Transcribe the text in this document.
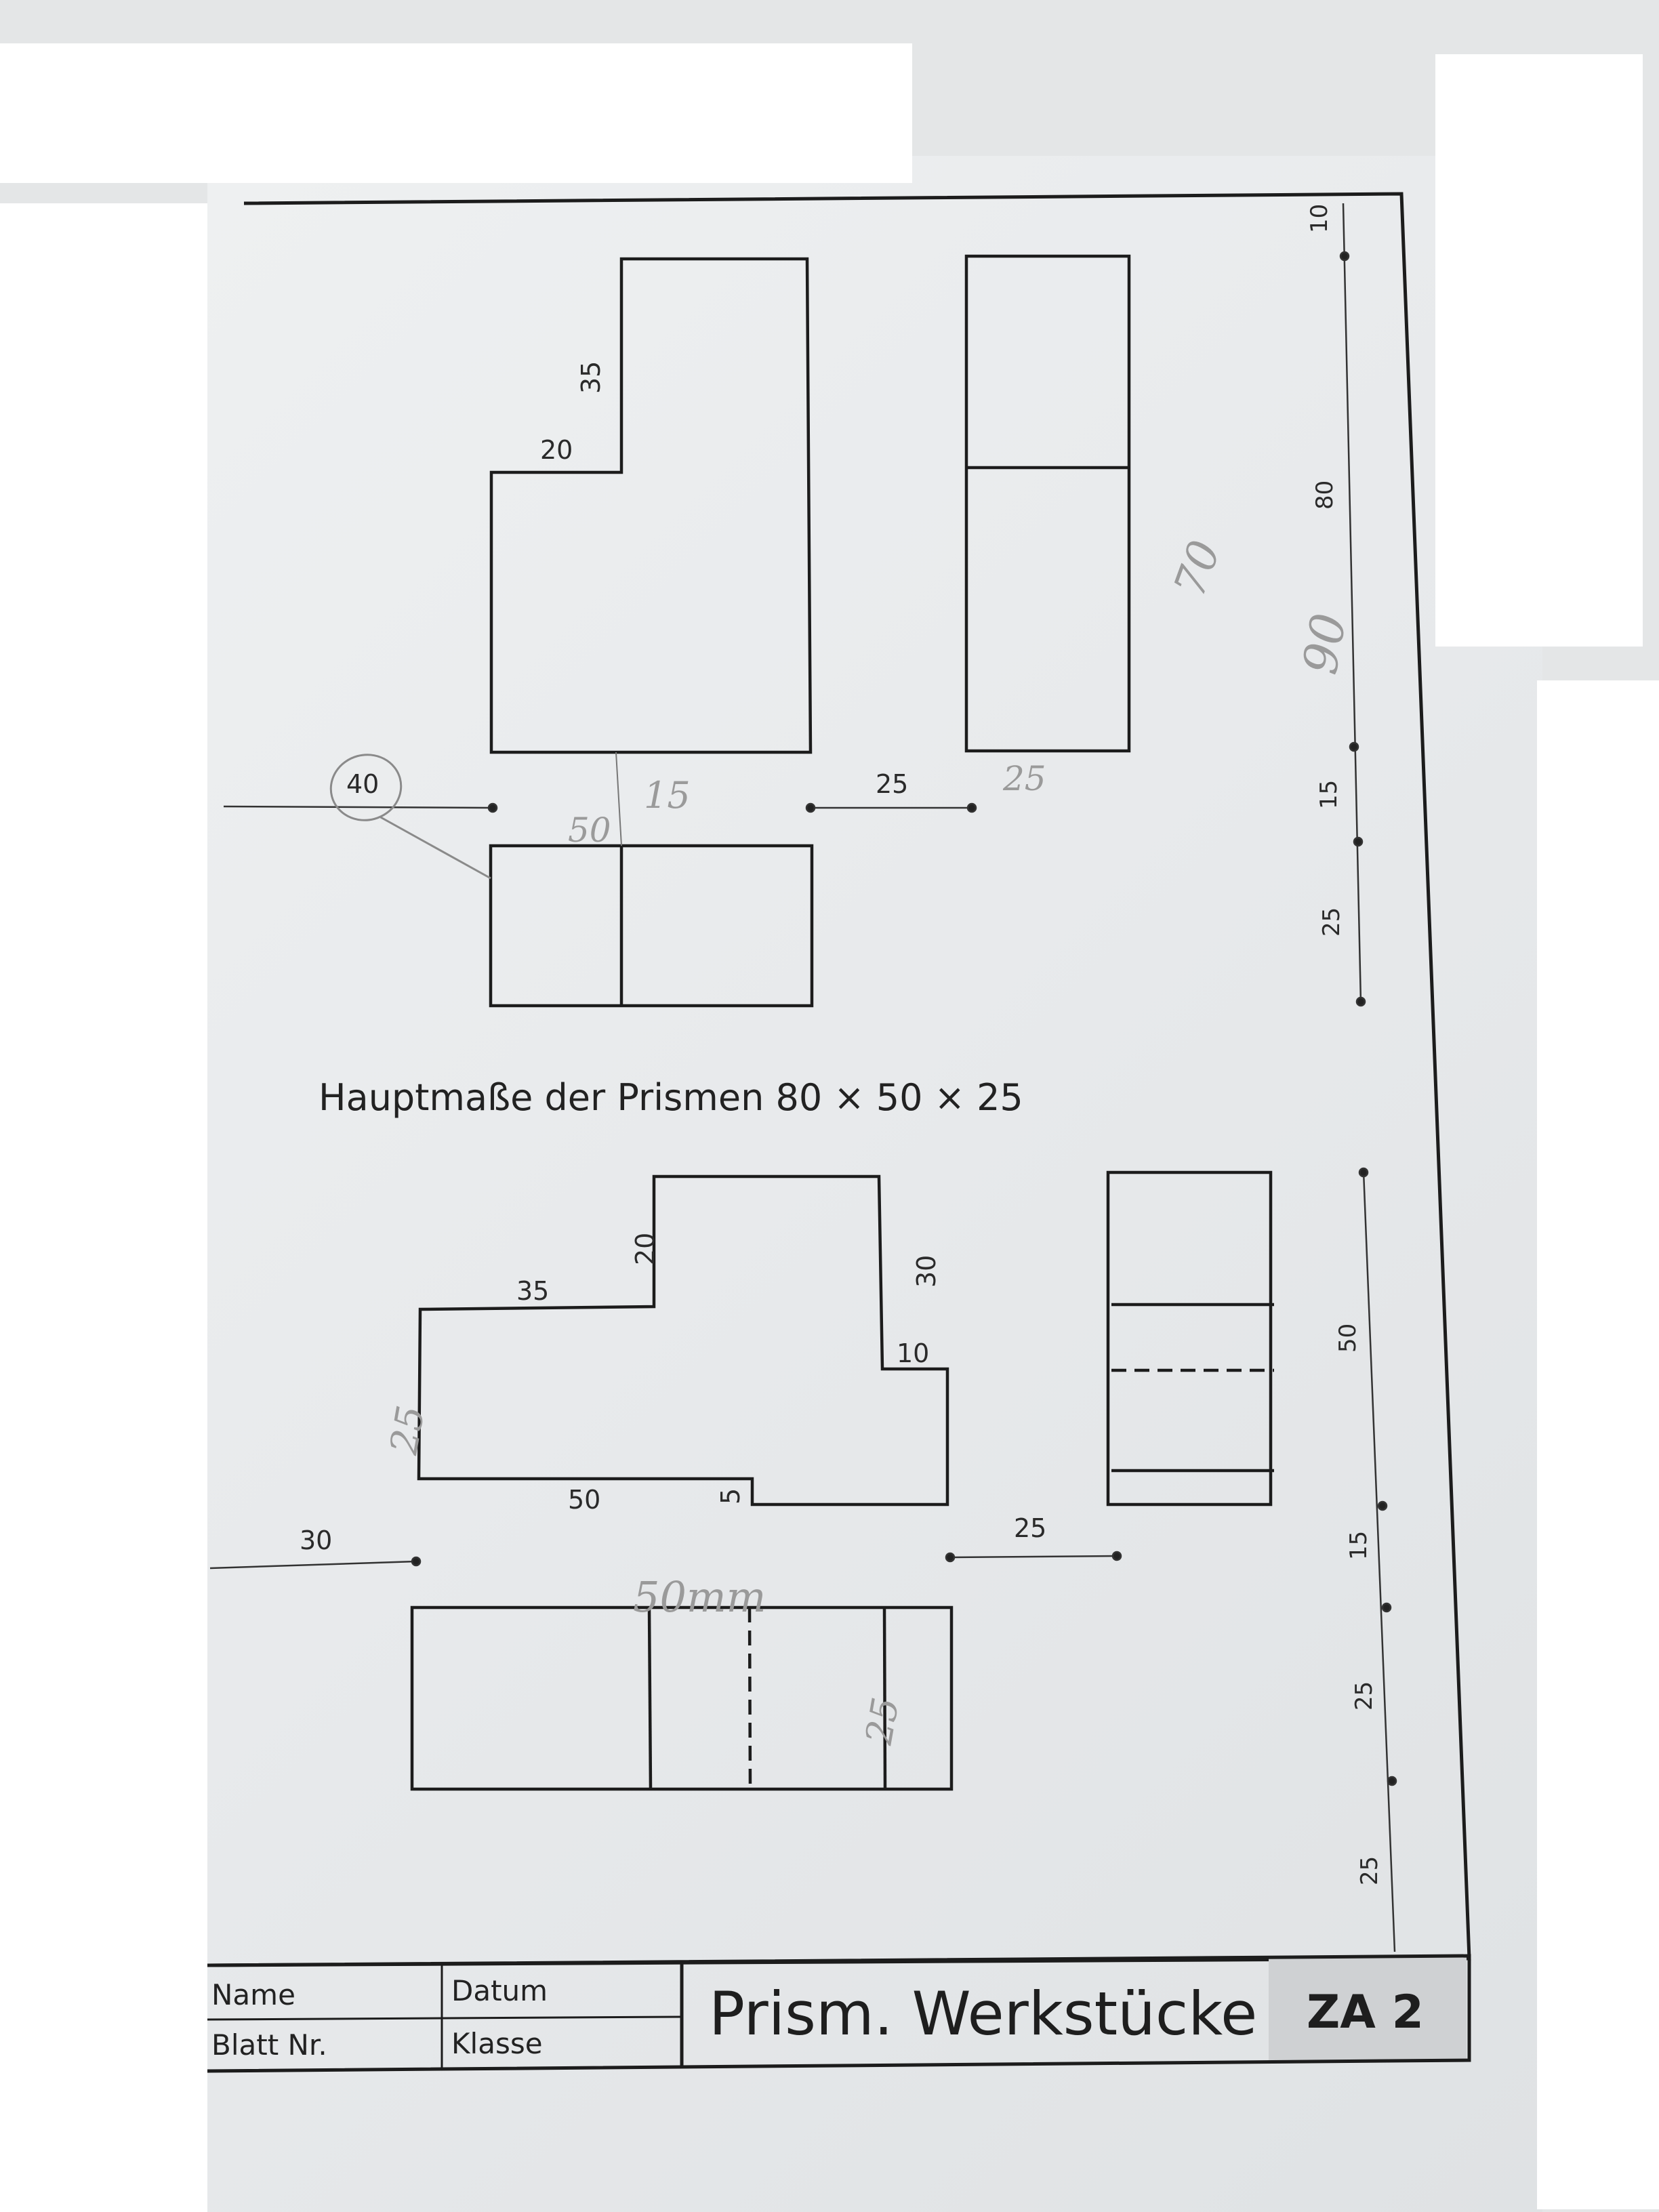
35
20
40	25
10
80
15
25
15
50
25
70
90
Hauptmaße der Prismen 80 × 50 × 25
20
35
30
10
50	5
30	25
50
15
25
25
50mm
25
25
Name	Datum
Blatt Nr.	Klasse	Prism. Werkstücke ZA 2
